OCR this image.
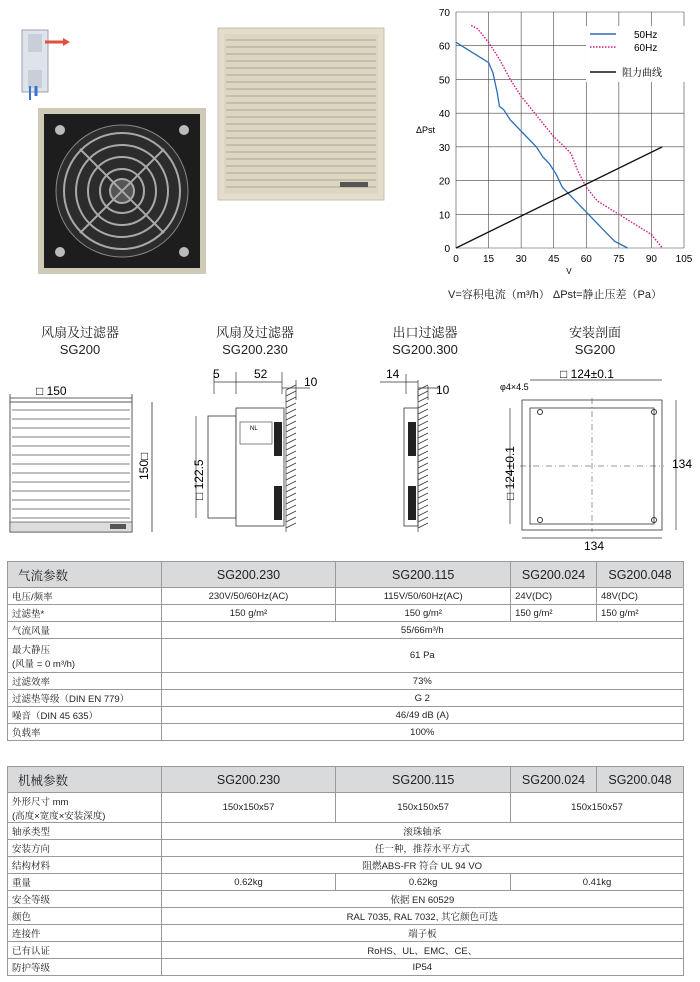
0 15 30 45 60 75 90 105
0
10
20
30
40
50
60
70
ΔPst
V
50Hz
60Hz
阻力曲线
V=容积电流（m³/h） ΔPst=静止压差（Pa）
风扇及过滤器
SG200
风扇及过滤器
SG200.230
出口过滤器
SG200.300
安装剖面
SG200
□ 150
150□
5	52
10
NL
□ 122.5
14
10
□ 124±0.1
φ4×4.5
□ 124±0.1	134
134
气流参数	SG200.230	SG200.115	SG200.024	SG200.048
电压/频率	230V/50/60Hz(AC)	115V/50/60Hz(AC)	24V(DC)	48V(DC)
过滤垫*	150 g/m²	150 g/m²	150 g/m²	150 g/m²
气流风量	55/66m³/h			

最大静压
(风量 = 0 m³/h)	61 Pa			
过滤效率	73%			
过滤垫等级（DIN EN 779）	G 2			
噪音（DIN 45 635）	46/49 dB (A)			
负载率	100%			
机械参数	SG200.230	SG200.115	SG200.024	SG200.048

外形尺寸 mm
(高度×宽度×安装深度)	150x150x57	150x150x57	150x150x57	
轴承类型	滚珠轴承			
安装方向	任一种，推荐水平方式			
结构材料	阻燃ABS-FR 符合 UL 94 VO			
重量	0.62kg	0.62kg	0.41kg	
安全等级	依据 EN 60529			
颜色	RAL 7035, RAL 7032, 其它颜色可选			
连接件	端子板			
已有认证	RoHS、UL、EMC、CE、			
防护等级	IP54			
